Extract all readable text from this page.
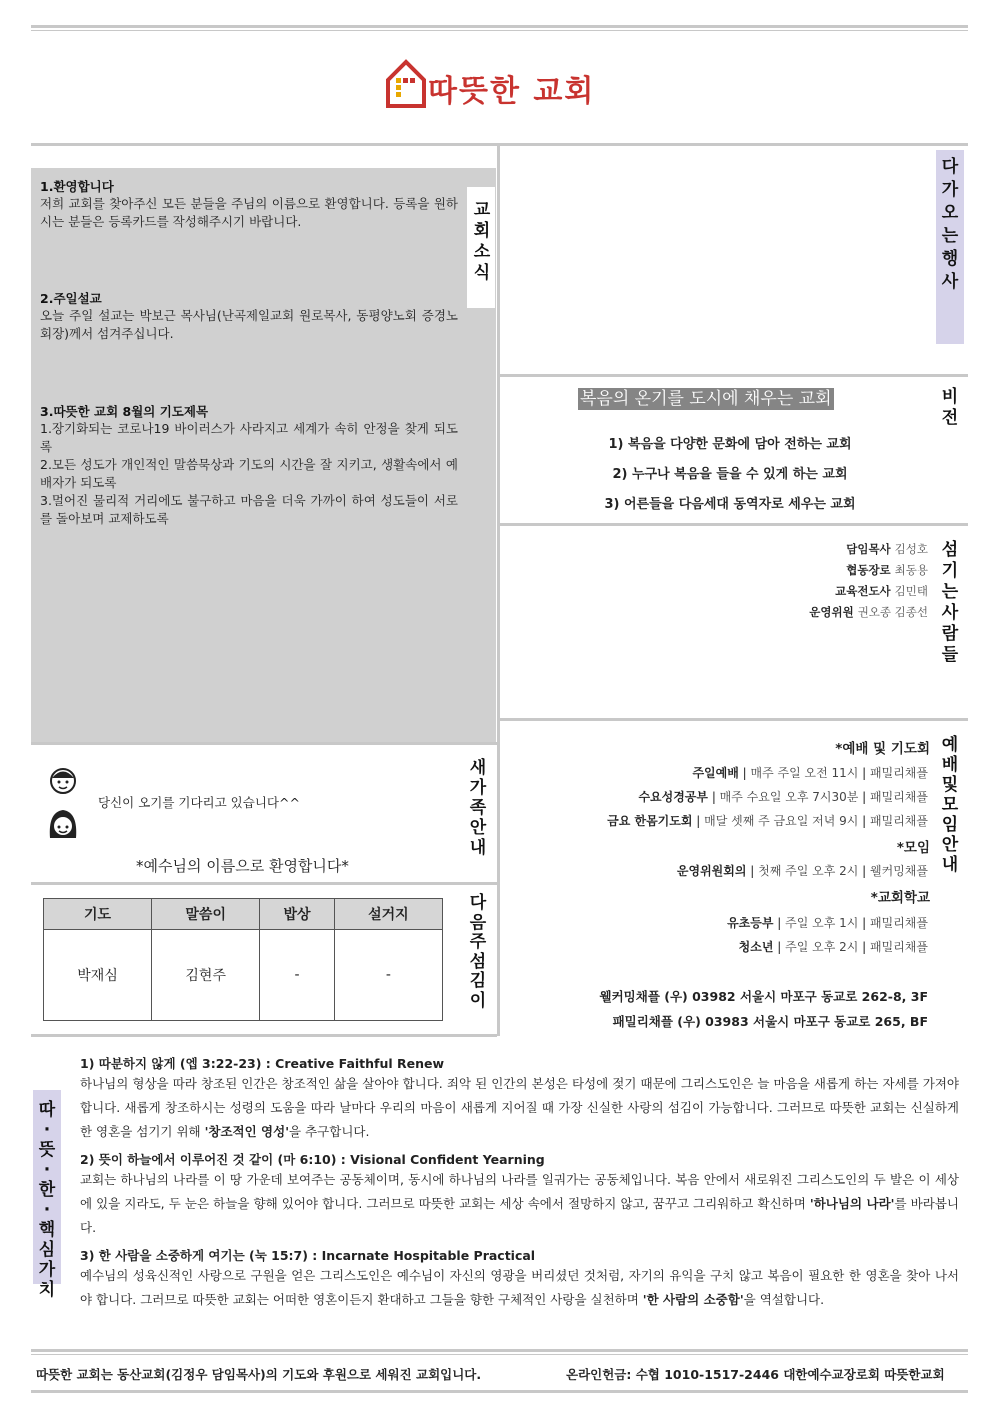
따뜻한 교회
교
회
소
식
1.환영합니다
저희 교회를 찾아주신 모든 분들을 주님의 이름으로 환영합니다. 등록을 원하시는 분들은 등록카드를 작성해주시기 바랍니다.
2.주일설교
오늘 주일 설교는 박보근 목사님(난곡제일교회 원로목사, 동평양노회 증경노회장)께서 섬겨주십니다.
3.따뜻한 교회 8월의 기도제목
1.장기화되는 코로나19 바이러스가 사라지고 세계가 속히 안정을 찾게 되도록
2.모든 성도가 개인적인 말씀묵상과 기도의 시간을 잘 지키고, 생활속에서 예배자가 되도록
3.멀어진 물리적 거리에도 불구하고 마음을 더욱 가까이 하여 성도들이 서로를 돌아보며 교제하도록
다
가
오
는
행
사
복음의 온기를 도시에 채우는 교회	비
전
1) 복음을 다양한 문화에 담아 전하는 교회
2) 누구나 복음을 들을 수 있게 하는 교회
3) 어른들을 다음세대 동역자로 세우는 교회
섬
기
는
사
람
들
담임목사 김성호
협동장로 최동용
교육전도사 김민태
운영위원 권오종 김종선
예
배
및
모
임
안
내
*예배 및 기도회
주일예배 | 매주 주일 오전 11시 | 패밀리채플
수요성경공부 | 매주 수요일 오후 7시30분 | 패밀리채플
금요 한몸기도회 | 매달 셋째 주 금요일 저녁 9시 | 패밀리채플
*모임
운영위원회의 | 첫째 주일 오후 2시 | 웰커밍채플
*교회학교
유초등부 | 주일 오후 1시 | 패밀리채플
청소년 | 주일 오후 2시 | 패밀리채플
웰커밍채플 (우) 03982 서울시 마포구 동교로 262-8, 3F
패밀리채플 (우) 03983 서울시 마포구 동교로 265, BF
당신이 오기를 기다리고 있습니다^^
*예수님의 이름으로 환영합니다*
새
가
족
안
내
기도	말씀이	밥상	설거지
박재심	김현주	-	-
다
음
주
섬
김
이
따
·
뜻
·
한
·
핵
심
가
치
1) 따분하지 않게 (엡 3:22-23) : Creative Faithful Renew
하나님의 형상을 따라 창조된 인간은 창조적인 삶을 살아야 합니다. 죄악 된 인간의 본성은 타성에 젖기 때문에 그리스도인은 늘 마음을 새롭게 하는 자세를 가져야합니다. 새롭게 창조하시는 성령의 도움을 따라 날마다 우리의 마음이 새롭게 지어질 때 가장 신실한 사랑의 섬김이 가능합니다. 그러므로 따뜻한 교회는 신실하게 한 영혼을 섬기기 위해 '창조적인 영성'을 추구합니다.
2) 뜻이 하늘에서 이루어진 것 같이 (마 6:10) : Visional Confident Yearning
교회는 하나님의 나라를 이 땅 가운데 보여주는 공동체이며, 동시에 하나님의 나라를 일궈가는 공동체입니다. 복음 안에서 새로워진 그리스도인의 두 발은 이 세상에 있을 지라도, 두 눈은 하늘을 향해 있어야 합니다. 그러므로 따뜻한 교회는 세상 속에서 절망하지 않고, 꿈꾸고 그리워하고 확신하며 '하나님의 나라'를 바라봅니다.
3) 한 사람을 소중하게 여기는 (눅 15:7) : Incarnate Hospitable Practical
예수님의 성육신적인 사랑으로 구원을 얻은 그리스도인은 예수님이 자신의 영광을 버리셨던 것처럼, 자기의 유익을 구치 않고 복음이 필요한 한 영혼을 찾아 나서야 합니다. 그러므로 따뜻한 교회는 어떠한 영혼이든지 환대하고 그들을 향한 구체적인 사랑을 실천하며 '한 사람의 소중함'을 역설합니다.
따뜻한 교회는 동산교회(김정우 담임목사)의 기도와 후원으로 세워진 교회입니다.	온라인헌금: 수협 1010-1517-2446 대한예수교장로회 따뜻한교회
